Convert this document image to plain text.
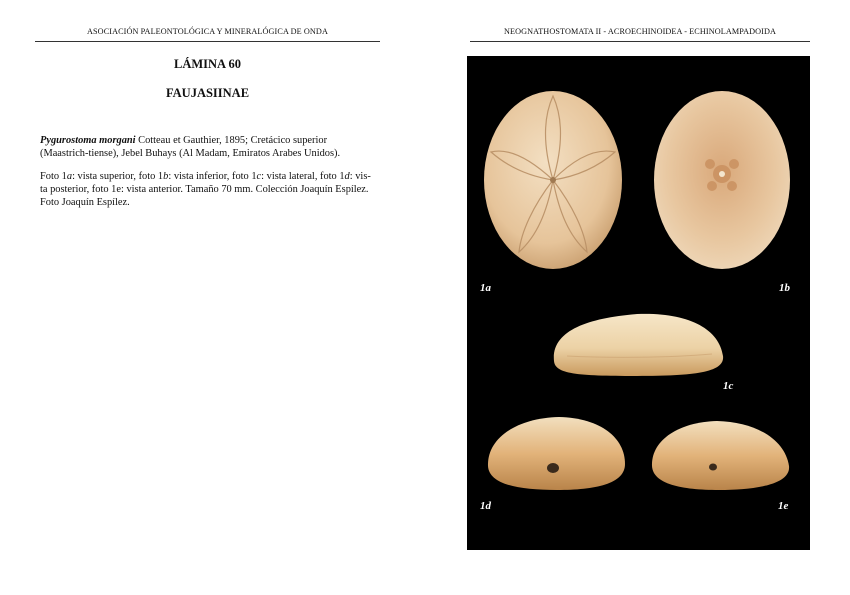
ASOCIACIÓN PALEONTOLÓGICA Y MINERALÓGICA DE ONDA
LÁMINA 60
FAUJASIINAE

Pygurostoma morgani Cotteau et Gauthier, 1895; Cretácico superior (Maastrich-tiense), Jebel Buhays (Al Madam, Emiratos Arabes Unidos).

Foto 1a: vista superior, foto 1b: vista inferior, foto 1c: vista lateral, foto 1d: vis-ta posterior, foto 1e: vista anterior. Tamaño 70 mm. Colección Joaquín Espílez. Foto Joaquín Espílez.

NEOGNATHOSTOMATA II - ACROECHINOIDEA - ECHINOLAMPADOIDA
1a	1b
1c
1d	1e
